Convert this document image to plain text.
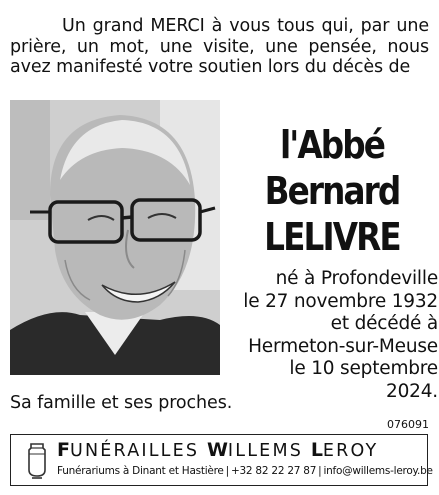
Un grand MERCI à vous tous qui, par une prière, un mot, une visite, une pensée, nous avez manifesté votre soutien lors du décès de

l'Abbé
Bernard
LELIVRE
né à Profondeville
le 27 novembre 1932
et décédé à
Hermeton-sur-Meuse
le 10 septembre 2024.
Sa famille et ses proches.
076091
FUNÉRAILLES WILLEMS LEROY
Funérariums à Dinant et Hastière | +32 82 22 27 87 | info@willems-leroy.be
